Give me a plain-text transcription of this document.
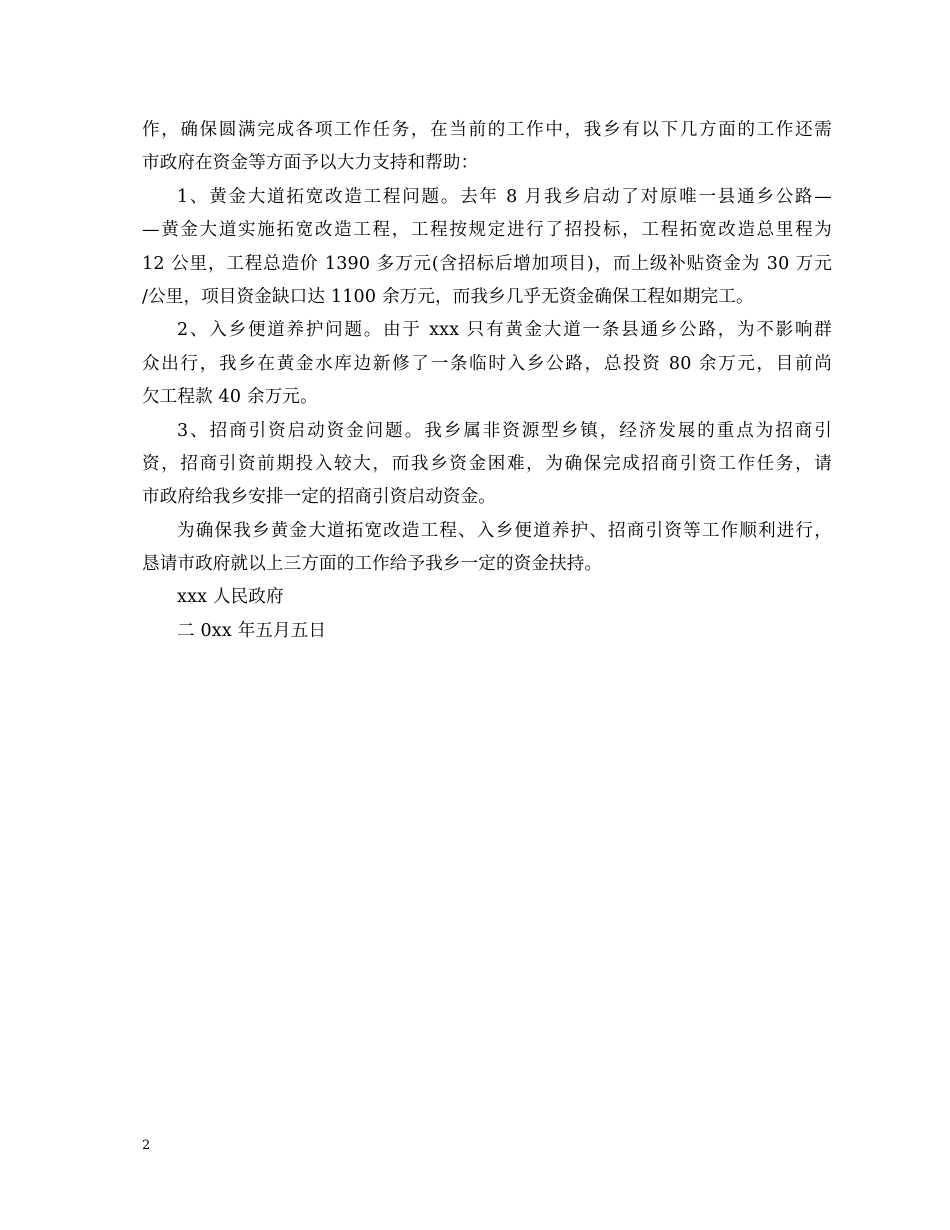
作，确保圆满完成各项工作任务，在当前的工作中，我乡有以下几方面的工作还需
市政府在资金等方面予以大力支持和帮助：
1、黄金大道拓宽改造工程问题。去年 8 月我乡启动了对原唯一县通乡公路—
—黄金大道实施拓宽改造工程，工程按规定进行了招投标，工程拓宽改造总里程为
12 公里，工程总造价 1390 多万元(含招标后增加项目)，而上级补贴资金为 30 万元
/公里，项目资金缺口达 1100 余万元，而我乡几乎无资金确保工程如期完工。
2、入乡便道养护问题。由于 xxx 只有黄金大道一条县通乡公路，为不影响群
众出行，我乡在黄金水库边新修了一条临时入乡公路，总投资 80 余万元，目前尚
欠工程款 40 余万元。
3、招商引资启动资金问题。我乡属非资源型乡镇，经济发展的重点为招商引
资，招商引资前期投入较大，而我乡资金困难，为确保完成招商引资工作任务，请
市政府给我乡安排一定的招商引资启动资金。
为确保我乡黄金大道拓宽改造工程、入乡便道养护、招商引资等工作顺利进行，
恳请市政府就以上三方面的工作给予我乡一定的资金扶持。
xxx 人民政府
二 0xx 年五月五日
2
